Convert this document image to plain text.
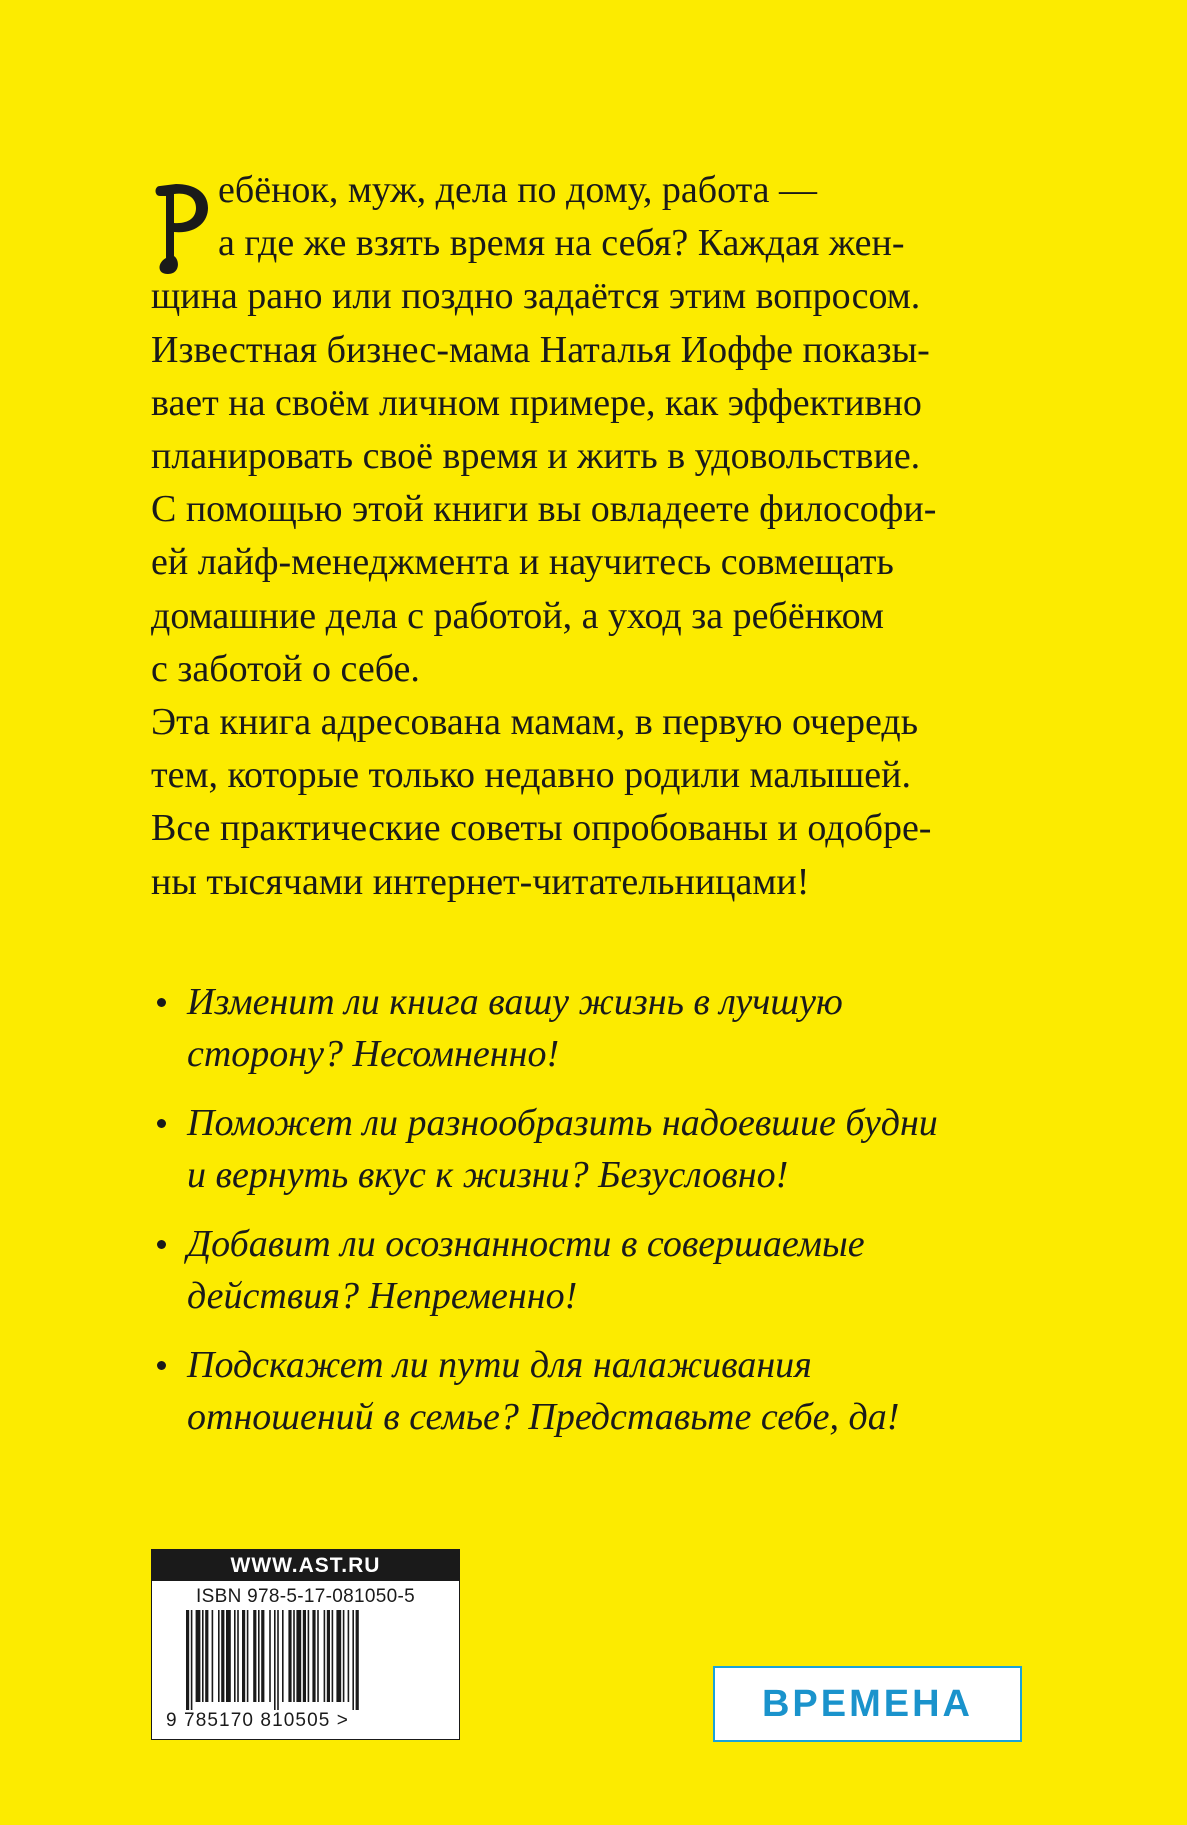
ебёнок, муж, дела по дому, работа —
а где же взять время на себя? Каждая жен-
щина рано или поздно задаётся этим вопросом.
Известная бизнес-мама Наталья Иоффе показы-
вает на своём личном примере, как эффективно
планировать своё время и жить в удовольствие.
С помощью этой книги вы овладеете философи-
ей лайф-менеджмента и научитесь совмещать
домашние дела с работой, а уход за ребёнком
с заботой о себе.
Эта книга адресована мамам, в первую очередь
тем, которые только недавно родили малышей.
Все практические советы опробованы и одобре-
ны тысячами интернет-читательницами!
Изменит ли книга вашу жизнь в лучшую
сторону? Несомненно!
Поможет ли разнообразить надоевшие будни
и вернуть вкус к жизни? Безусловно!
Добавит ли осознанности в совершаемые
действия? Непременно!
Подскажет ли пути для налаживания
отношений в семье? Представьте себе, да!
WWW.AST.RU
ISBN 978-5-17-081050-5
9 785170 810505 >	ВРЕМЕНА
